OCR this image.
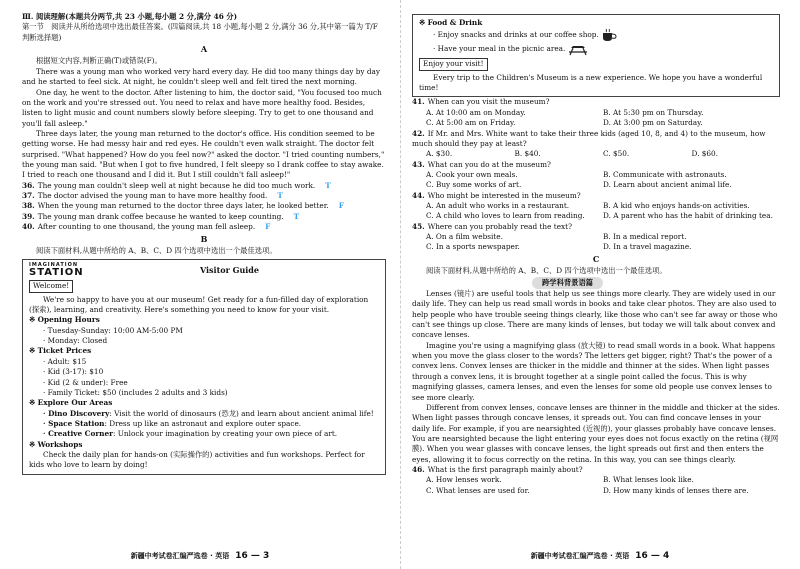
Ⅲ. 阅读理解(本题共分两节,共 23 小题,每小题 2 分,满分 46 分)
第一节　阅读并从所给选项中选出最佳答案。(四篇阅读,共 18 小题,每小题 2 分,满分 36 分,其中第一篇为 T/F 判断选择题)
A
根据短文内容,判断正确(T)或错误(F)。

There was a young man who worked very hard every day. He did too many things day by day and he started to feel sick. At night, he couldn't sleep well and felt tired the next morning.

One day, he went to the doctor. After listening to him, the doctor said, "You focused too much on the work and you're stressed out. You need to relax and have more healthy food. Besides, listen to light music and count numbers slowly before sleeping. Try to get to one thousand and you'll fall asleep."

Three days later, the young man returned to the doctor's office. His condition seemed to be getting worse. He had messy hair and red eyes. He couldn't even walk straight. The doctor felt surprised. "What happened? How do you feel now?" asked the doctor. "I tried counting numbers," the young man said. "But when I got to five hundred, I felt sleepy so I drank coffee to stay awake. I tried to reach one thousand and I did it. But I still couldn't fall asleep!"

36. The young man couldn't sleep well at night because he did too much work. T
37. The doctor advised the young man to have more healthy food. T
38. When the young man returned to the doctor three days later, he looked better. F
39. The young man drank coffee because he wanted to keep counting. T
40. After counting to one thousand, the young man fell asleep. F
B
阅读下面材料,从题中所给的 A、B、C、D 四个选项中选出一个最佳选项。
IMAGINATION
STATION	Visitor Guide
Welcome!

We're so happy to have you at our museum! Get ready for a fun-filled day of exploration (探索), learning, and creativity. Here's something you need to know for your visit.

※ Opening Hours
· Tuesday-Sunday: 10:00 AM-5:00 PM
· Monday: Closed
※ Ticket Prices
· Adult: $15
· Kid (3-17): $10
· Kid (2 & under): Free
· Family Ticket: $50 (includes 2 adults and 3 kids)
※ Explore Our Areas
· Dino Discovery: Visit the world of dinosaurs (恐龙) and learn about ancient animal life!
· Space Station: Dress up like an astronaut and explore outer space.
· Creative Corner: Unlock your imagination by creating your own piece of art.
※ Workshops

Check the daily plan for hands-on (实际操作的) activities and fun workshops. Perfect for kids who love to learn by doing!

新疆中考试卷汇编严选卷 · 英语 16 — 3
※ Food & Drink
· Enjoy snacks and drinks at our coffee shop.
· Have your meal in the picnic area.
Enjoy your visit!

Every trip to the Children's Museum is a new experience. We hope you have a wonderful time!

41. When can you visit the museum?
A. At 10:00 am on Monday.	B. At 5:30 pm on Thursday.
C. At 5:00 am on Friday.	D. At 3:00 pm on Saturday.
42. If Mr. and Mrs. White want to take their three kids (aged 10, 8, and 4) to the museum, how much should they pay at least?
A. $30.	B. $40.	C. $50.	D. $60.
43. What can you do at the museum?
A. Cook your own meals.	B. Communicate with astronauts.
C. Buy some works of art.	D. Learn about ancient animal life.
44. Who might be interested in the museum?
A. An adult who works in a restaurant.	B. A kid who enjoys hands-on activities.
C. A child who loves to learn from reading.	D. A parent who has the habit of drinking tea.
45. Where can you probably read the text?
A. On a film website.	B. In a medical report.
C. In a sports newspaper.	D. In a travel magazine.
C
阅读下面材料,从题中所给的 A、B、C、D 四个选项中选出一个最佳选项。
跨学科背景语篇

Lenses (镜片) are useful tools that help us see things more clearly. They are widely used in our daily life. They can help us read small words in books and take clear photos. They are also used to help people who have trouble seeing things clearly, like those who can't see far away or those who can't see things up close. There are many kinds of lenses, but today we will talk about convex and concave lenses.

Imagine you're using a magnifying glass (放大镜) to read small words in a book. What happens when you move the glass closer to the words? The letters get bigger, right? That's the power of a convex lens. Convex lenses are thicker in the middle and thinner at the sides. When light passes through a convex lens, it is brought together at a single point called the focus. This is why magnifying glasses, camera lenses, and even the lenses for some old people use convex lenses to see more clearly.

Different from convex lenses, concave lenses are thinner in the middle and thicker at the sides. When light passes through concave lenses, it spreads out. You can find concave lenses in your daily life. For example, if you are nearsighted (近视的), your glasses probably have concave lenses. You are nearsighted because the light entering your eyes does not focus exactly on the retina (视网膜). When you wear glasses with concave lenses, the light spreads out first and then enters the eyes, allowing it to focus correctly on the retina. In this way, you can see things clearly.

46. What is the first paragraph mainly about?
A. How lenses work.	B. What lenses look like.
C. What lenses are used for.	D. How many kinds of lenses there are.
新疆中考试卷汇编严选卷 · 英语 16 — 4
